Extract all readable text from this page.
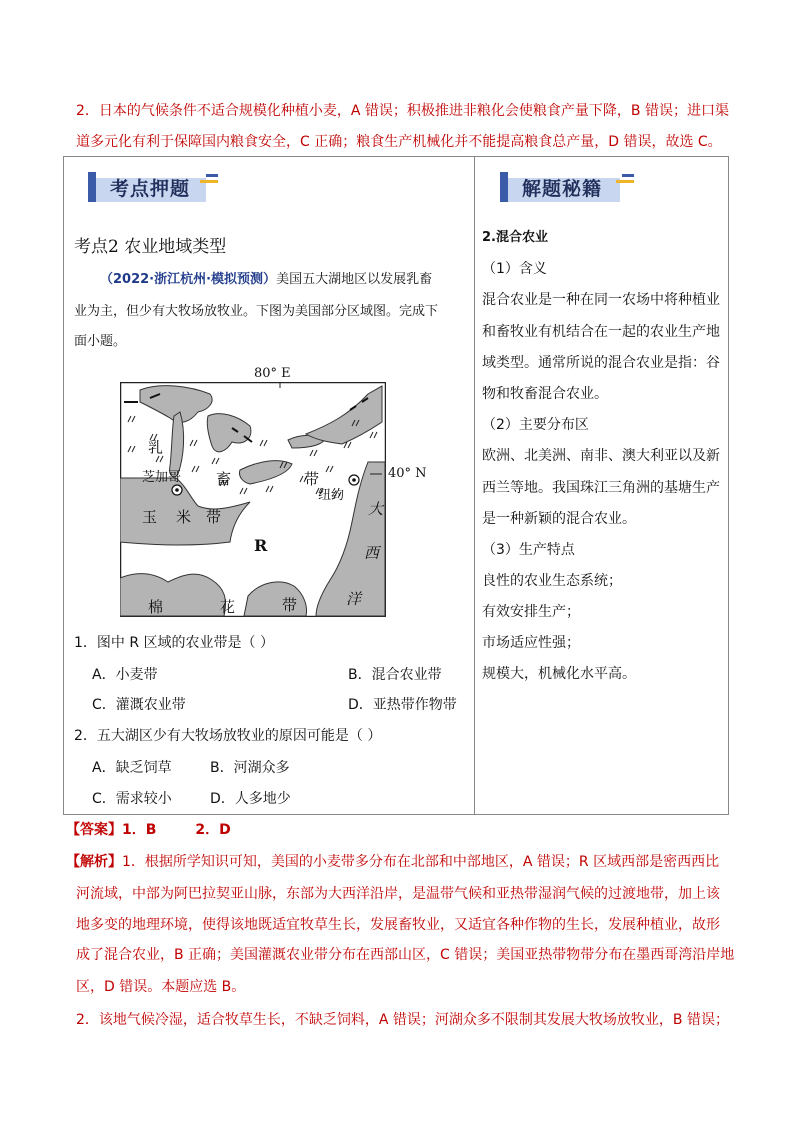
2．日本的气候条件不适合规模化种植小麦，A 错误；积极推进非粮化会使粮食产量下降，B 错误；进口渠
道多元化有利于保障国内粮食安全，C 正确；粮食生产机械化并不能提高粮食总产量，D 错误，故选 C。
考点押题	解题秘籍
考点2 农业地域类型
（2022·浙江杭州·模拟预测）美国五大湖地区以发展乳畜
业为主，但少有大牧场放牧业。下图为美国部分区域图。完成下
面小题。
80° E
40° N
芝加哥
纽约
乳
畜	带
玉 米 带
R
棉	花	带
大
西
洋
1．图中 R 区域的农业带是（ ）
A．小麦带	B．混合农业带
C．灌溉农业带	D．亚热带作物带
2．五大湖区少有大牧场放牧业的原因可能是（ ）
A．缺乏饲草	B．河湖众多
C．需求较小	D．人多地少
2.混合农业
（1）含义
混合农业是一种在同一农场中将种植业
和畜牧业有机结合在一起的农业生产地
域类型。通常所说的混合农业是指：谷
物和牧畜混合农业。
（2）主要分布区
欧洲、北美洲、南非、澳大利亚以及新
西兰等地。我国珠江三角洲的基塘生产
是一种新颖的混合农业。
（3）生产特点
良性的农业生态系统；
有效安排生产；
市场适应性强；
规模大，机械化水平高。
【答案】1．B        2．D
【解析】1．根据所学知识可知，美国的小麦带多分布在北部和中部地区，A 错误；R 区域西部是密西西比
河流域，中部为阿巴拉契亚山脉，东部为大西洋沿岸，是温带气候和亚热带湿润气候的过渡地带，加上该
地多变的地理环境，使得该地既适宜牧草生长，发展畜牧业，又适宜各种作物的生长，发展种植业，故形
成了混合农业，B 正确；美国灌溉农业带分布在西部山区，C 错误；美国亚热带物带分布在墨西哥湾沿岸地
区，D 错误。本题应选 B。
2．该地气候冷湿，适合牧草生长，不缺乏饲料，A 错误；河湖众多不限制其发展大牧场放牧业，B 错误；
